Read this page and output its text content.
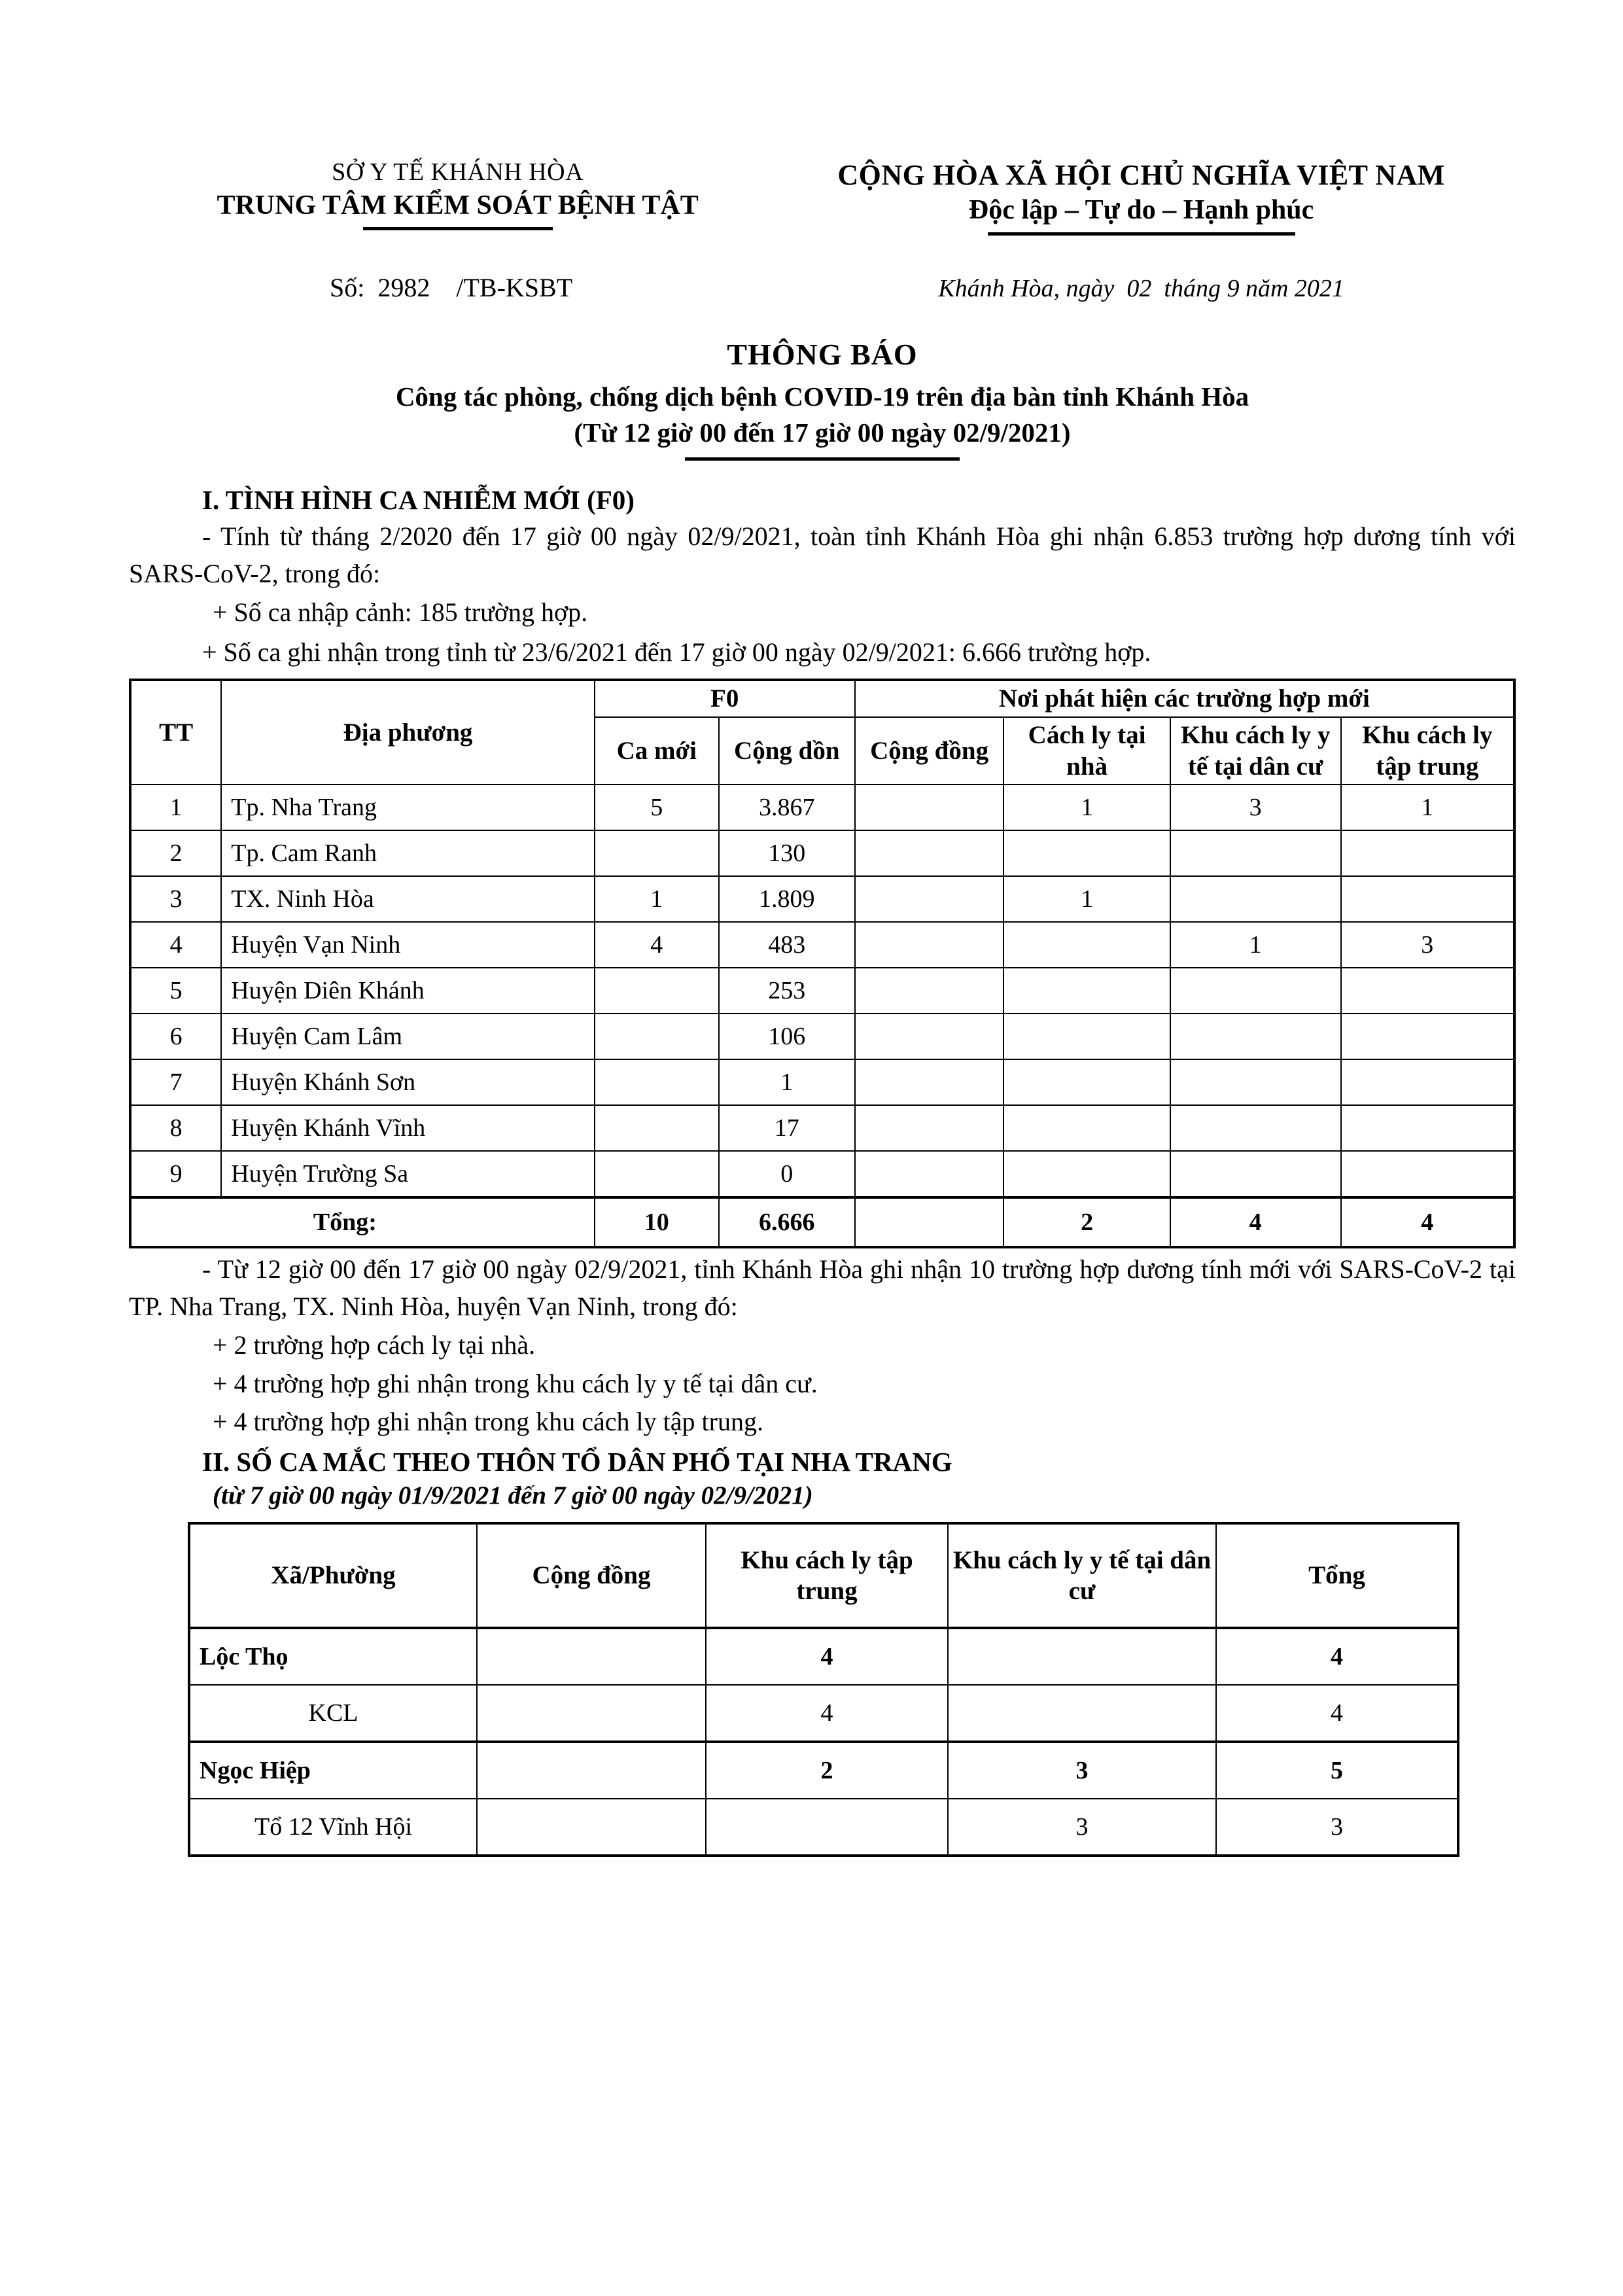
SỞ Y TẾ KHÁNH HÒA
TRUNG TÂM KIỂM SOÁT BỆNH TẬT
CỘNG HÒA XÃ HỘI CHỦ NGHĨA VIỆT NAM
Độc lập – Tự do – Hạnh phúc
Số:  2982    /TB-KSBT	Khánh Hòa, ngày  02  tháng 9 năm 2021
THÔNG BÁO
Công tác phòng, chống dịch bệnh COVID-19 trên địa bàn tỉnh Khánh Hòa
(Từ 12 giờ 00 đến 17 giờ 00 ngày 02/9/2021)
I. TÌNH HÌNH CA NHIỄM MỚI (F0)
- Tính từ tháng 2/2020 đến 17 giờ 00 ngày 02/9/2021, toàn tỉnh Khánh Hòa ghi nhận 6.853 trường hợp dương tính với SARS-CoV-2, trong đó:
+ Số ca nhập cảnh: 185 trường hợp.
+ Số ca ghi nhận trong tỉnh từ 23/6/2021 đến 17 giờ 00 ngày 02/9/2021: 6.666 trường hợp.
TT	Địa phương	F0		Nơi phát hiện các trường hợp mới			
		Ca mới	Cộng dồn	Cộng đồng	Cách ly tại nhà	Khu cách ly y tế tại dân cư	Khu cách ly tập trung

1	Tp. Nha Trang	5	3.867		1	3	1
2	Tp. Cam Ranh		130				
3	TX. Ninh Hòa	1	1.809		1		
4	Huyện Vạn Ninh	4	483			1	3
5	Huyện Diên Khánh		253				
6	Huyện Cam Lâm		106				
7	Huyện Khánh Sơn		1				
8	Huyện Khánh Vĩnh		17				
9	Huyện Trường Sa		0				
Tổng:		10	6.666		2	4	4
- Từ 12 giờ 00 đến 17 giờ 00 ngày 02/9/2021, tỉnh Khánh Hòa ghi nhận 10 trường hợp dương tính mới với SARS-CoV-2 tại TP. Nha Trang, TX. Ninh Hòa, huyện Vạn Ninh, trong đó:
+ 2 trường hợp cách ly tại nhà.
+ 4 trường hợp ghi nhận trong khu cách ly y tế tại dân cư.
+ 4 trường hợp ghi nhận trong khu cách ly tập trung.
II. SỐ CA MẮC THEO THÔN TỔ DÂN PHỐ TẠI NHA TRANG
(từ 7 giờ 00 ngày 01/9/2021 đến 7 giờ 00 ngày 02/9/2021)
Xã/Phường	Cộng đồng	Khu cách ly tập trung	Khu cách ly y tế tại dân cư	Tổng
Lộc Thọ		4		4
KCL		4		4
Ngọc Hiệp		2	3	5
Tổ 12 Vĩnh Hội			3	3
